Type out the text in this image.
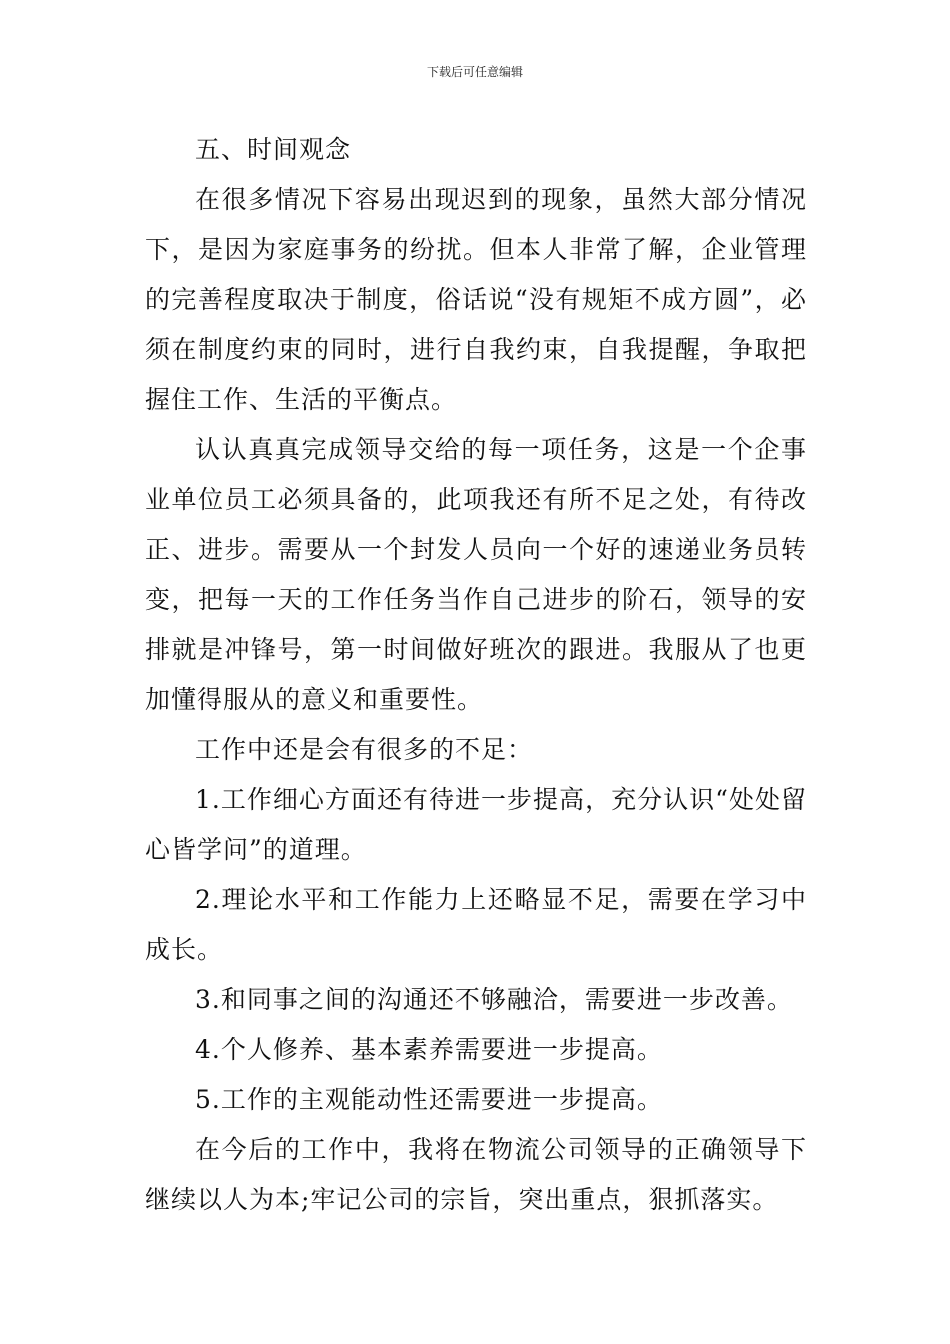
下载后可任意编辑

五、时间观念

在很多情况下容易出现迟到的现象，虽然大部分情况下，是因为家庭事务的纷扰。但本人非常了解，企业管理的完善程度取决于制度，俗话说“没有规矩不成方圆”，必须在制度约束的同时，进行自我约束，自我提醒，争取把握住工作、生活的平衡点。

认认真真完成领导交给的每一项任务，这是一个企事业单位员工必须具备的，此项我还有所不足之处，有待改正、进步。需要从一个封发人员向一个好的速递业务员转变，把每一天的工作任务当作自己进步的阶石，领导的安排就是冲锋号，第一时间做好班次的跟进。我服从了也更加懂得服从的意义和重要性。

工作中还是会有很多的不足：

1.工作细心方面还有待进一步提高，充分认识“处处留心皆学问”的道理。

2.理论水平和工作能力上还略显不足，需要在学习中成长。

3.和同事之间的沟通还不够融洽，需要进一步改善。

4.个人修养、基本素养需要进一步提高。

5.工作的主观能动性还需要进一步提高。

在今后的工作中，我将在物流公司领导的正确领导下继续以人为本;牢记公司的宗旨，突出重点，狠抓落实。
